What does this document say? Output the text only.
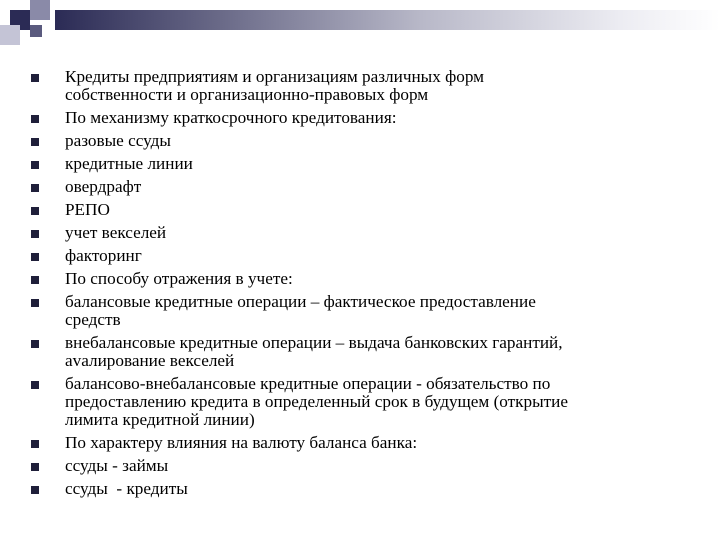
Кредиты предприятиям и организациям различных форм
собственности и организационно-правовых форм
По механизму краткосрочного кредитования:
разовые ссуды
кредитные линии
овердрафт
РЕПО
учет векселей
факторинг
По способу отражения в учете:
балансовые кредитные операции – фактическое предоставление
средств
внебалансовые кредитные операции – выдача банковских гарантий,
avалирование векселей
балансово-внебалансовые кредитные операции - обязательство по
предоставлению кредита в определенный срок в будущем (открытие
лимита кредитной линии)
По характеру влияния на валюту баланса банка:
ссуды - займы
ссуды  - кредиты
